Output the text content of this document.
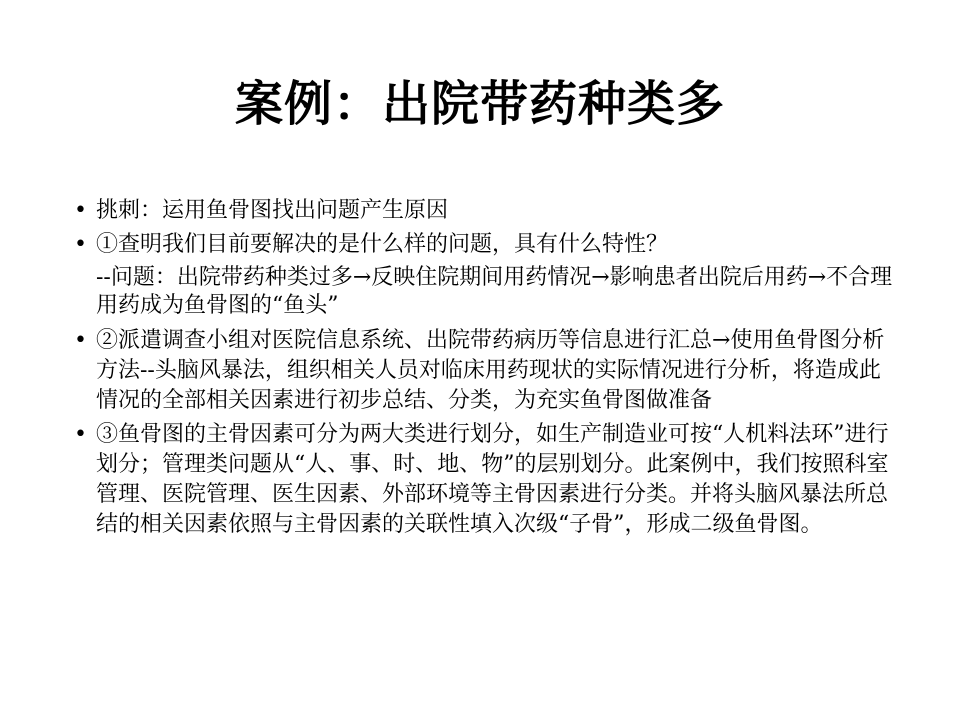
案例：出院带药种类多
• 挑刺：运用鱼骨图找出问题产生原因
• ①查明我们目前要解决的是什么样的问题，具有什么特性？
--问题：出院带药种类过多→反映住院期间用药情况→影响患者出院后用药→不合理用药成为鱼骨图的“鱼头”
• ②派遣调查小组对医院信息系统、出院带药病历等信息进行汇总→使用鱼骨图分析方法--头脑风暴法，组织相关人员对临床用药现状的实际情况进行分析，将造成此情况的全部相关因素进行初步总结、分类，为充实鱼骨图做准备
• ③鱼骨图的主骨因素可分为两大类进行划分，如生产制造业可按“人机料法环”进行划分；管理类问题从“人、事、时、地、物”的层别划分。此案例中，我们按照科室管理、医院管理、医生因素、外部环境等主骨因素进行分类。并将头脑风暴法所总结的相关因素依照与主骨因素的关联性填入次级“子骨”，形成二级鱼骨图。
